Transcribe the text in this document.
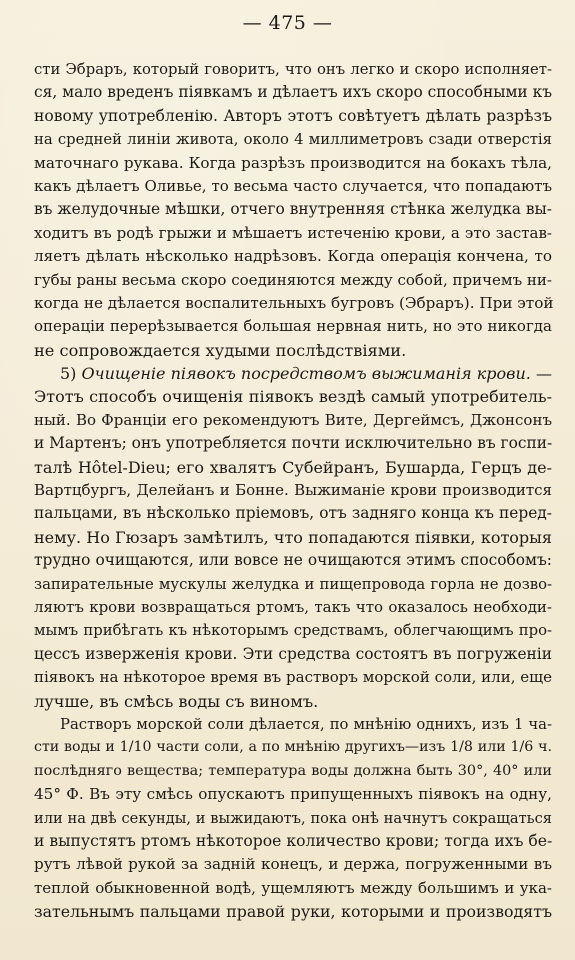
— 475 —
сти Эбраръ, который говоритъ, что онъ легко и скоро исполняет-
ся, мало вреденъ піявкамъ и дѣлаетъ ихъ скоро способными къ
новому употребленію. Авторъ этотъ совѣтуетъ дѣлать разрѣзъ
на средней линіи живота, около 4 миллиметровъ сзади отверстія
маточнаго рукава. Когда разрѣзъ производится на бокахъ тѣла,
какъ дѣлаетъ Оливье, то весьма часто случается, что попадаютъ
въ желудочные мѣшки, отчего внутренняя стѣнка желудка вы-
ходитъ въ родѣ грыжи и мѣшаетъ истеченію крови, а это застав-
ляетъ дѣлать нѣсколько надрѣзовъ. Когда операція кончена, то
губы раны весьма скоро соединяются между собой, причемъ ни-
когда не дѣлается воспалительныхъ бугровъ (Эбраръ). При этой
операціи перерѣзывается большая нервная нить, но это никогда
не сопровождается худыми послѣдствіями.
5) Очищеніе піявокъ посредствомъ выжиманія крови. —
Этотъ способъ очищенія піявокъ вездѣ самый употребитель-
ный. Во Франціи его рекомендуютъ Вите, Дергеймсъ, Джонсонъ
и Мартенъ; онъ употребляется почти исключительно въ госпи-
талѣ Hôtel-Dieu; его хвалятъ Субейранъ, Бушарда, Герцъ де-
Вартцбургъ, Делейанъ и Бонне. Выжиманіе крови производится
пальцами, въ нѣсколько пріемовъ, отъ задняго конца къ перед-
нему. Но Гюзаръ замѣтилъ, что попадаются піявки, которыя
трудно очищаются, или вовсе не очищаются этимъ способомъ:
запирательные мускулы желудка и пищепровода горла не дозво-
ляютъ крови возвращаться ртомъ, такъ что оказалось необходи-
мымъ прибѣгать къ нѣкоторымъ средствамъ, облегчающимъ про-
цессъ изверженія крови. Эти средства состоятъ въ погруженіи
піявокъ на нѣкоторое время въ растворъ морской соли, или, еще
лучше, въ смѣсь воды съ виномъ.
Растворъ морской соли дѣлается, по мнѣнію однихъ, изъ 1 ча-
сти воды и 1/10 части соли, а по мнѣнію другихъ—изъ 1/8 или 1/6 ч.
послѣдняго вещества; температура воды должна быть 30°, 40° или
45° Ф. Въ эту смѣсь опускаютъ припущенныхъ піявокъ на одну,
или на двѣ секунды, и выжидаютъ, пока онѣ начнутъ сокращаться
и выпустятъ ртомъ нѣкоторое количество крови; тогда ихъ бе-
рутъ лѣвой рукой за задній конецъ, и держа, погруженными въ
теплой обыкновенной водѣ, ущемляютъ между большимъ и ука-
зательнымъ пальцами правой руки, которыми и производятъ
